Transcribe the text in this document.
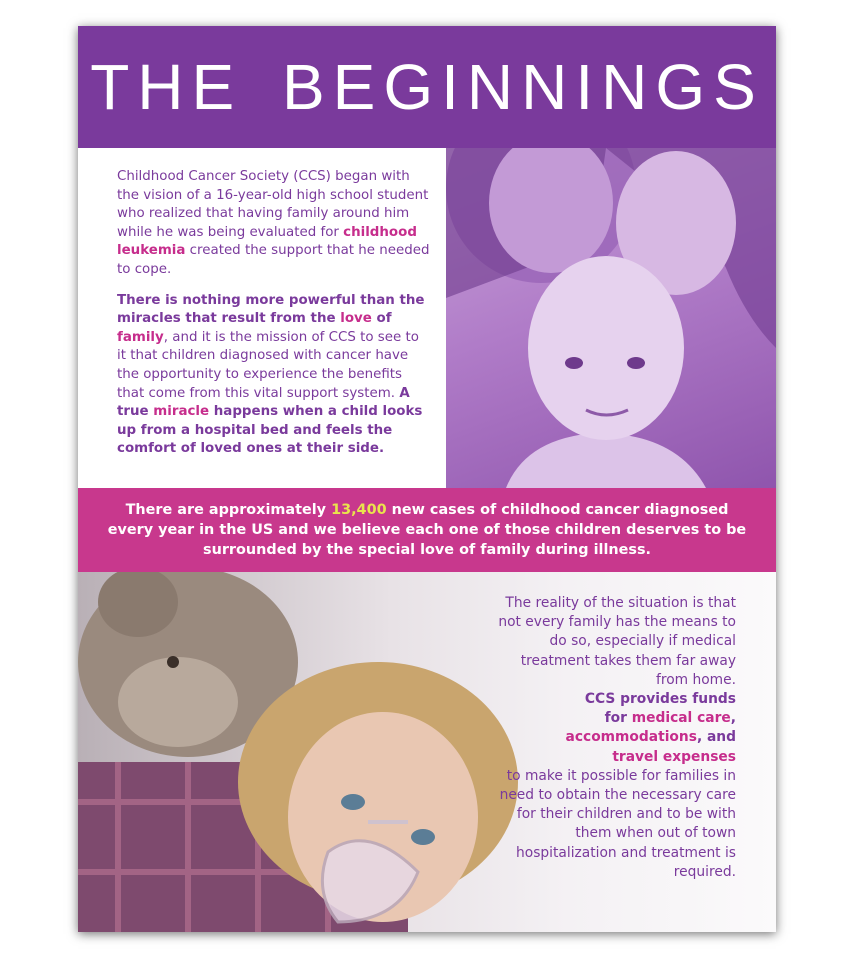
THE BEGINNINGS

Childhood Cancer Society (CCS) began with the vision of a 16-year-old high school student who realized that having family around him while he was being evaluated for childhood leukemia created the support that he needed to cope.

There is nothing more powerful than the miracles that result from the love of family, and it is the mission of CCS to see to it that children diagnosed with cancer have the opportunity to experience the benefits that come from this vital support system. A true miracle happens when a child looks up from a hospital bed and feels the comfort of loved ones at their side.

There are approximately 13,400 new cases of childhood cancer diagnosed every year in the US and we believe each one of those children deserves to be surrounded by the special love of family during illness.
The reality of the situation is that not every family has the means to do so, especially if medical treatment takes them far away from home.
CCS provides funds
for medical care,
accommodations, and
travel expenses
to make it possible for families in need to obtain the necessary care for their children and to be with them when out of town hospitalization and treatment is required.
